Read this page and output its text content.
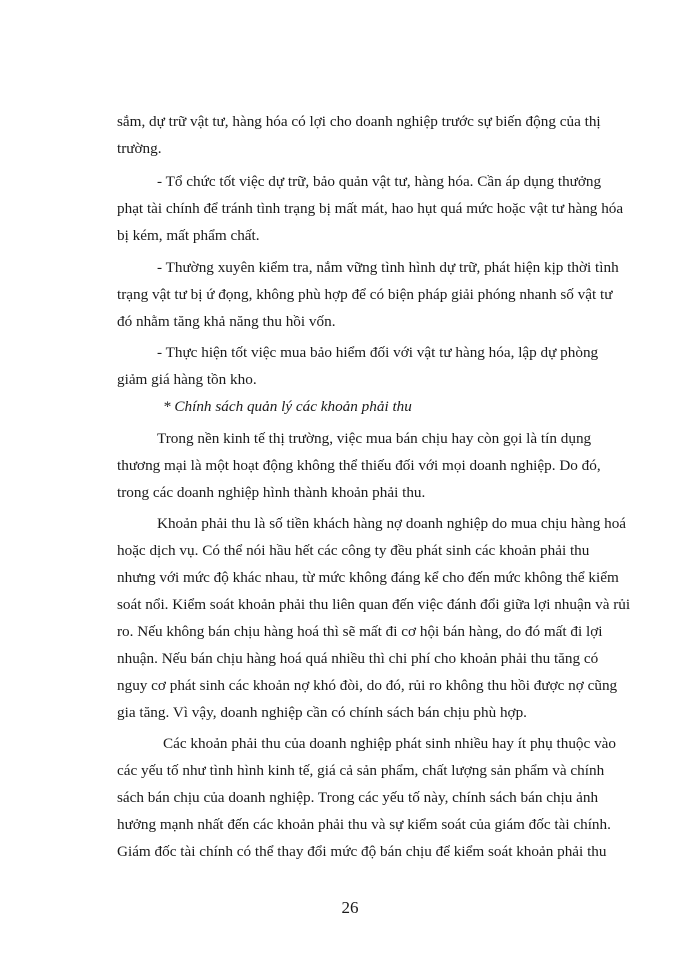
sắm, dự trữ vật tư, hàng hóa có lợi cho doanh nghiệp trước sự biến động của thị
trường.
- Tổ chức tốt việc dự trữ, bảo quản vật tư, hàng hóa. Cần áp dụng thưởng
phạt tài chính để tránh tình trạng bị mất mát, hao hụt quá mức hoặc vật tư hàng hóa
bị kém, mất phẩm chất.
- Thường xuyên kiểm tra, nắm vững tình hình dự trữ, phát hiện kịp thời tình
trạng vật tư bị ứ đọng, không phù hợp để có biện pháp giải phóng nhanh số vật tư
đó nhằm tăng khả năng thu hồi vốn.
- Thực hiện tốt việc mua bảo hiểm đối với vật tư hàng hóa, lập dự phòng
giảm giá hàng tồn kho.
* Chính sách quản lý các khoản phải thu
Trong nền kinh tế thị trường, việc mua bán chịu hay còn gọi là tín dụng
thương mại là một hoạt động không thể thiếu đối với mọi doanh nghiệp. Do đó,
trong các doanh nghiệp hình thành khoản phải thu.
Khoản phải thu là số tiền khách hàng nợ doanh nghiệp do mua chịu hàng hoá
hoặc dịch vụ. Có thể nói hầu hết các công ty đều phát sinh các khoản phải thu
nhưng với mức độ khác nhau, từ mức không đáng kể cho đến mức không thể kiểm
soát nổi. Kiểm soát khoản phải thu liên quan đến việc đánh đổi giữa lợi nhuận và rủi
ro. Nếu không bán chịu hàng hoá thì sẽ mất đi cơ hội bán hàng, do đó mất đi lợi
nhuận. Nếu bán chịu hàng hoá quá nhiều thì chi phí cho khoản phải thu tăng có
nguy cơ phát sinh các khoản nợ khó đòi, do đó, rủi ro không thu hồi được nợ cũng
gia tăng. Vì vậy, doanh nghiệp cần có chính sách bán chịu phù hợp.
Các khoản phải thu của doanh nghiệp phát sinh nhiều hay ít phụ thuộc vào
các yếu tố như tình hình kinh tế, giá cả sản phẩm, chất lượng sản phẩm và chính
sách bán chịu của doanh nghiệp. Trong các yếu tố này, chính sách bán chịu ảnh
hưởng mạnh nhất đến các khoản phải thu và sự kiểm soát của giám đốc tài chính.
Giám đốc tài chính có thể thay đổi mức độ bán chịu để kiểm soát khoản phải thu
26
